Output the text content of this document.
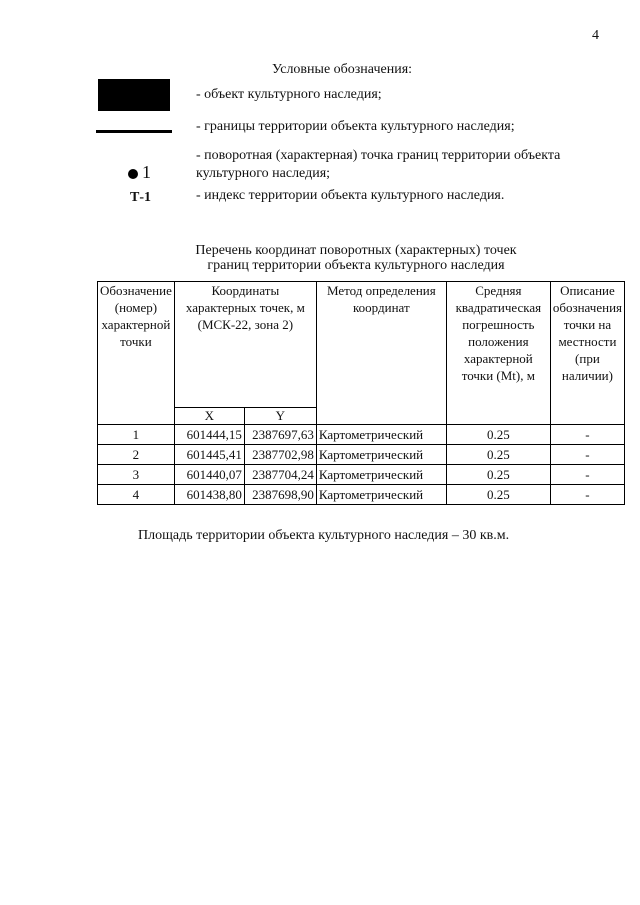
4
Условные обозначения:
- объект культурного наследия;
- границы территории объекта культурного наследия;
1
- поворотная (характерная) точка границ территории объекта культурного наследия;
Т-1	- индекс территории объекта культурного наследия.
Перечень координат поворотных (характерных) точек
границ территории объекта культурного наследия
Обозначение (номер) характерной точки	Координаты характерных точек, м (МСК-22, зона 2)		Метод определения координат	Средняя квадратическая погрешность положения характерной точки (Mt), м	Описание обозначения точки на местности (при наличии)
	X	Y			
1	601444,15	2387697,63	Картометрический	0.25	-
2	601445,41	2387702,98	Картометрический	0.25	-
3	601440,07	2387704,24	Картометрический	0.25	-
4	601438,80	2387698,90	Картометрический	0.25	-
Площадь территории объекта культурного наследия – 30 кв.м.
